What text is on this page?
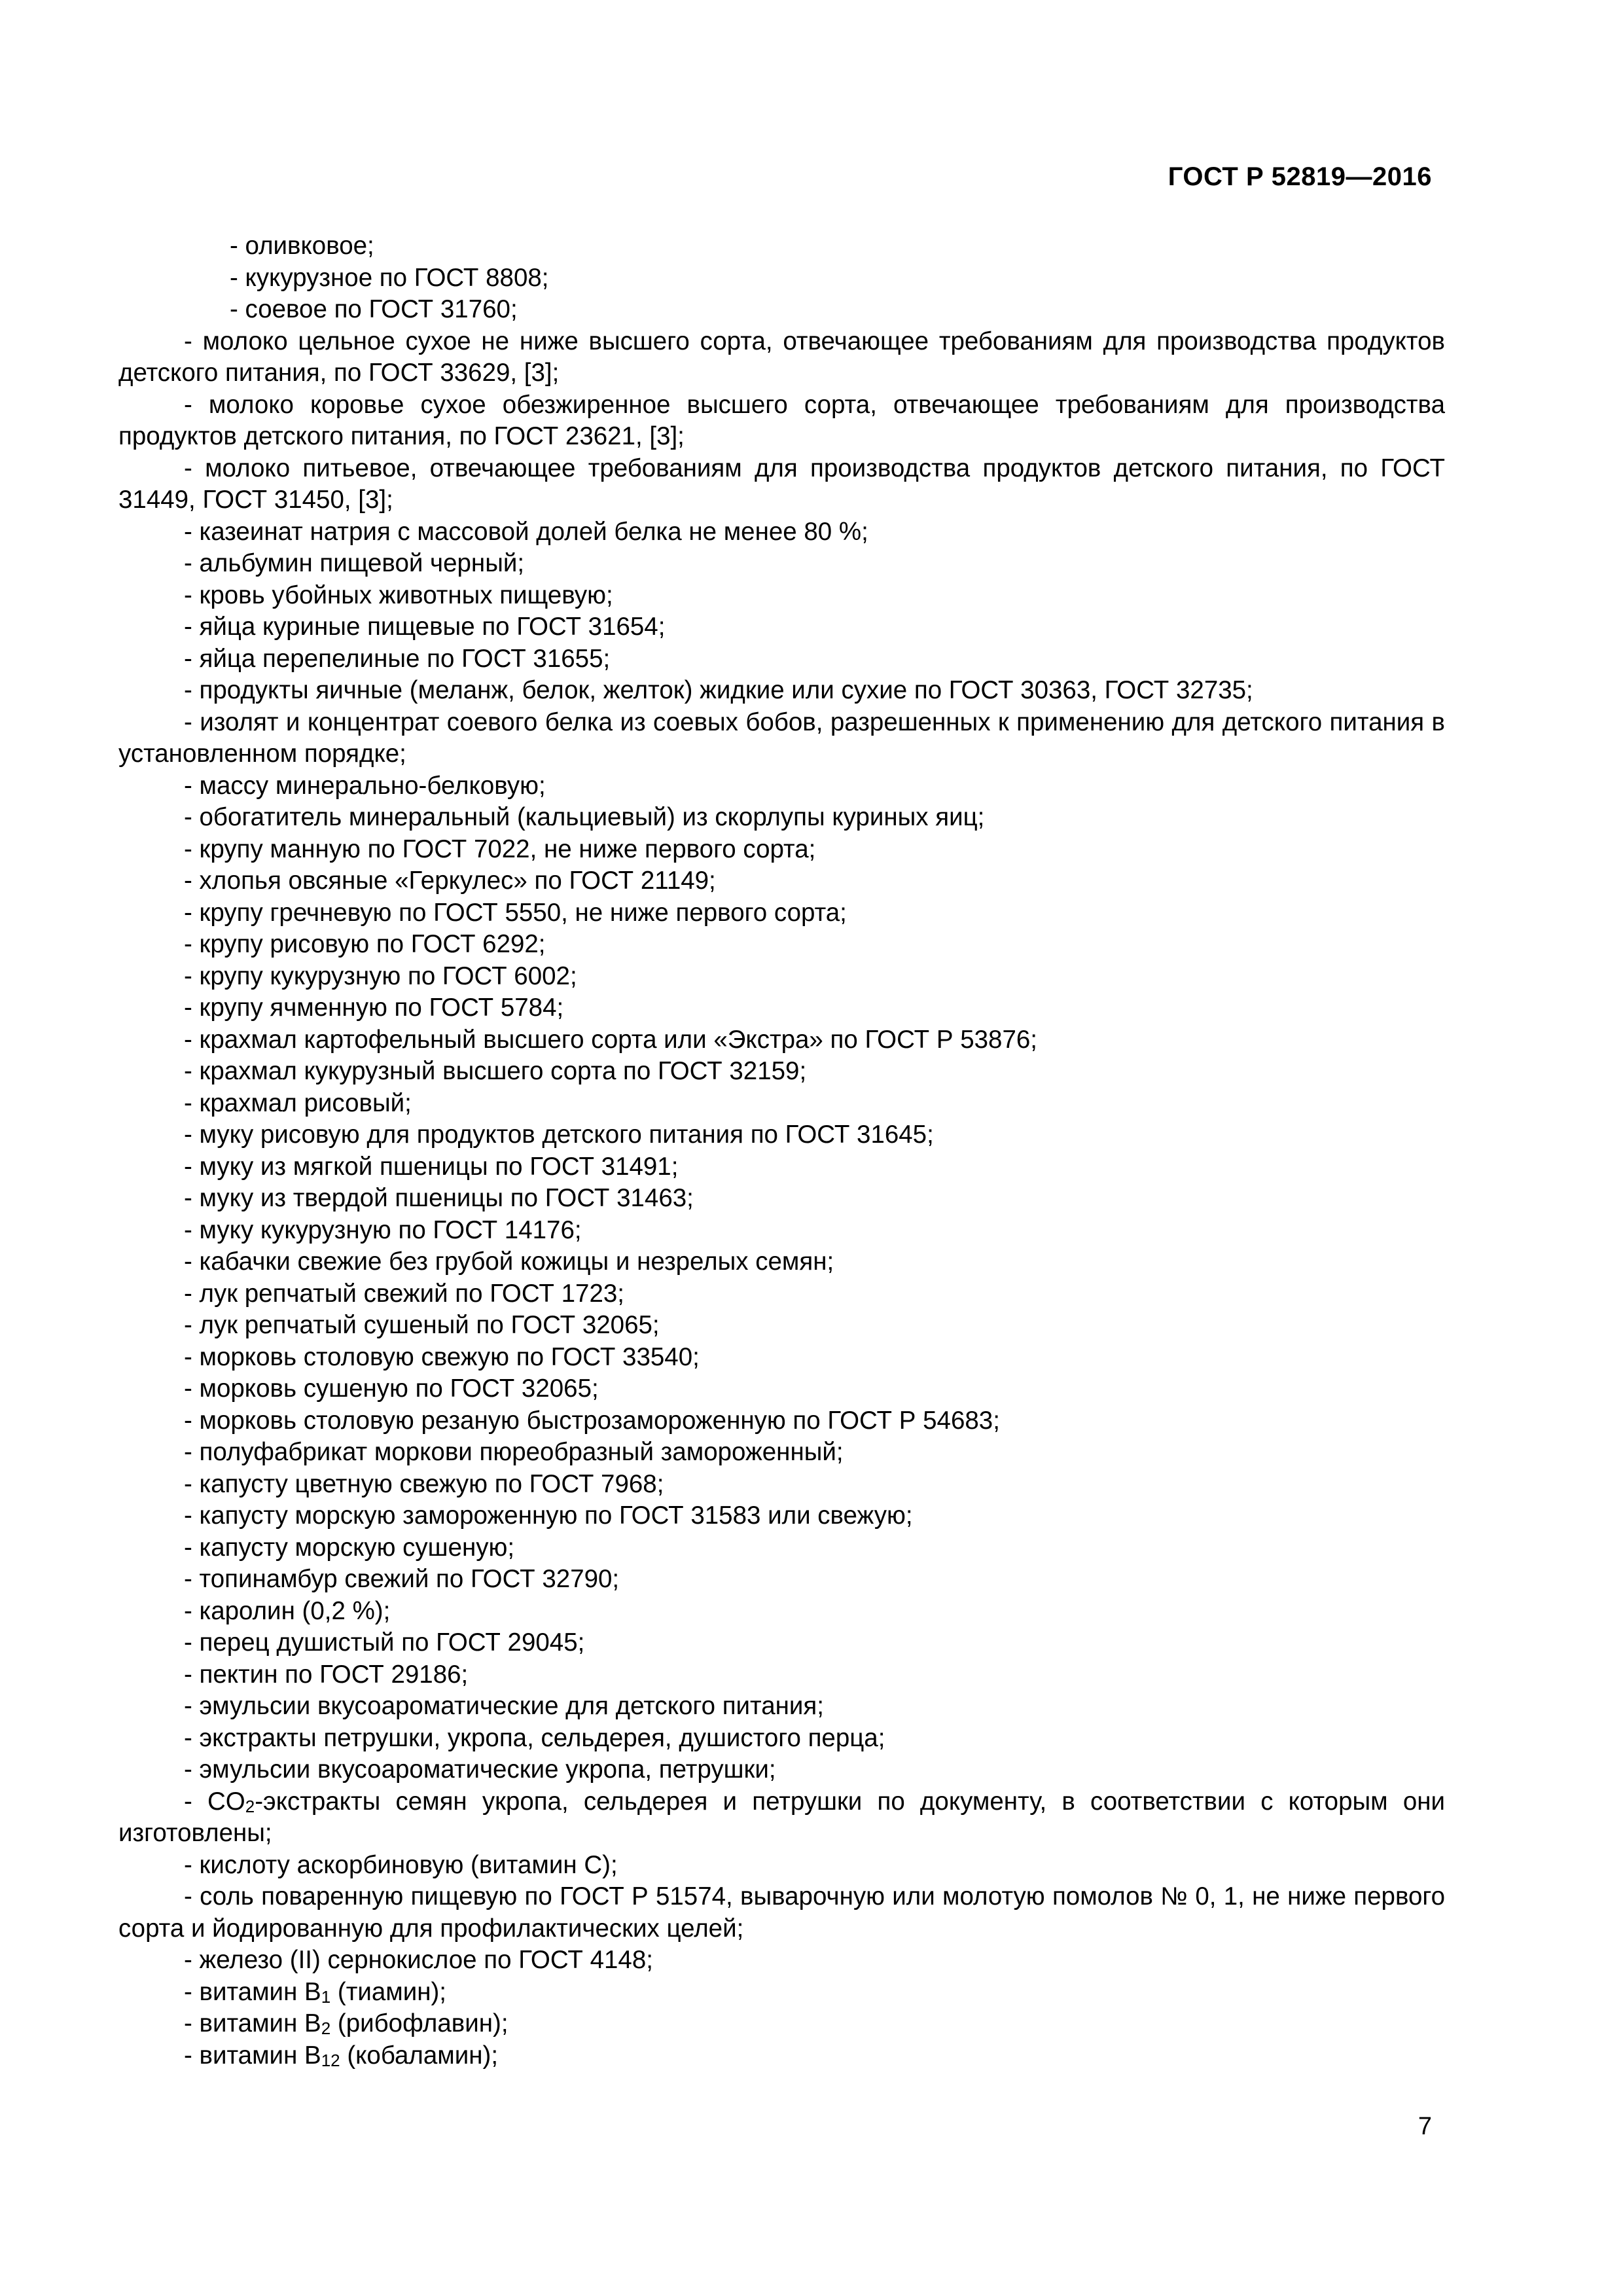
ГОСТ Р 52819—2016

- оливковое;

- кукурузное по ГОСТ 8808;

- соевое по ГОСТ 31760;

- молоко цельное сухое не ниже высшего сорта, отвечающее требованиям для производства продуктов детского питания, по ГОСТ 33629, [3];

- молоко коровье сухое обезжиренное высшего сорта, отвечающее требованиям для производства продуктов детского питания, по ГОСТ 23621, [3];

- молоко питьевое, отвечающее требованиям для производства продуктов детского питания, по ГОСТ 31449, ГОСТ 31450, [3];

- казеинат натрия с массовой долей белка не менее 80 %;

- альбумин пищевой черный;

- кровь убойных животных пищевую;

- яйца куриные пищевые по ГОСТ 31654;

- яйца перепелиные по ГОСТ 31655;

- продукты яичные (меланж, белок, желток) жидкие или сухие по ГОСТ 30363, ГОСТ 32735;

- изолят и концентрат соевого белка из соевых бобов, разрешенных к применению для детского питания в установленном порядке;

- массу минерально-белковую;

- обогатитель минеральный (кальциевый) из скорлупы куриных яиц;

- крупу манную по ГОСТ 7022, не ниже первого сорта;

- хлопья овсяные «Геркулес» по ГОСТ 21149;

- крупу гречневую по ГОСТ 5550, не ниже первого сорта;

- крупу рисовую по ГОСТ 6292;

- крупу кукурузную по ГОСТ 6002;

- крупу ячменную по ГОСТ 5784;

- крахмал картофельный высшего сорта или «Экстра» по ГОСТ Р 53876;

- крахмал кукурузный высшего сорта по ГОСТ 32159;

- крахмал рисовый;

- муку рисовую для продуктов детского питания по ГОСТ 31645;

- муку из мягкой пшеницы по ГОСТ 31491;

- муку из твердой пшеницы по ГОСТ 31463;

- муку кукурузную по ГОСТ 14176;

- кабачки свежие без грубой кожицы и незрелых семян;

- лук репчатый свежий по ГОСТ 1723;

- лук репчатый сушеный по ГОСТ 32065;

- морковь столовую свежую по ГОСТ 33540;

- морковь сушеную по ГОСТ 32065;

- морковь столовую резаную быстрозамороженную по ГОСТ Р 54683;

- полуфабрикат моркови пюреобразный замороженный;

- капусту цветную свежую по ГОСТ 7968;

- капусту морскую замороженную по ГОСТ 31583 или свежую;

- капусту морскую сушеную;

- топинамбур свежий по ГОСТ 32790;

- каролин (0,2 %);

- перец душистый по ГОСТ 29045;

- пектин по ГОСТ 29186;

- эмульсии вкусоароматические для детского питания;

- экстракты петрушки, укропа, сельдерея, душистого перца;

- эмульсии вкусоароматические укропа, петрушки;

- $CO_2$-экстракты семян укропа, сельдерея и петрушки по документу, в соответствии с которым они изготовлены;

- кислоту аскорбиновую (витамин С);

- соль поваренную пищевую по ГОСТ Р 51574, выварочную или молотую помолов № 0, 1, не ниже первого сорта и йодированную для профилактических целей;

- железо (II) сернокислое по ГОСТ 4148;

- витамин $В_1$ (тиамин);

- витамин $В_2$ (рибофлавин);

- витамин $В_{12}$ (кобаламин);

7
